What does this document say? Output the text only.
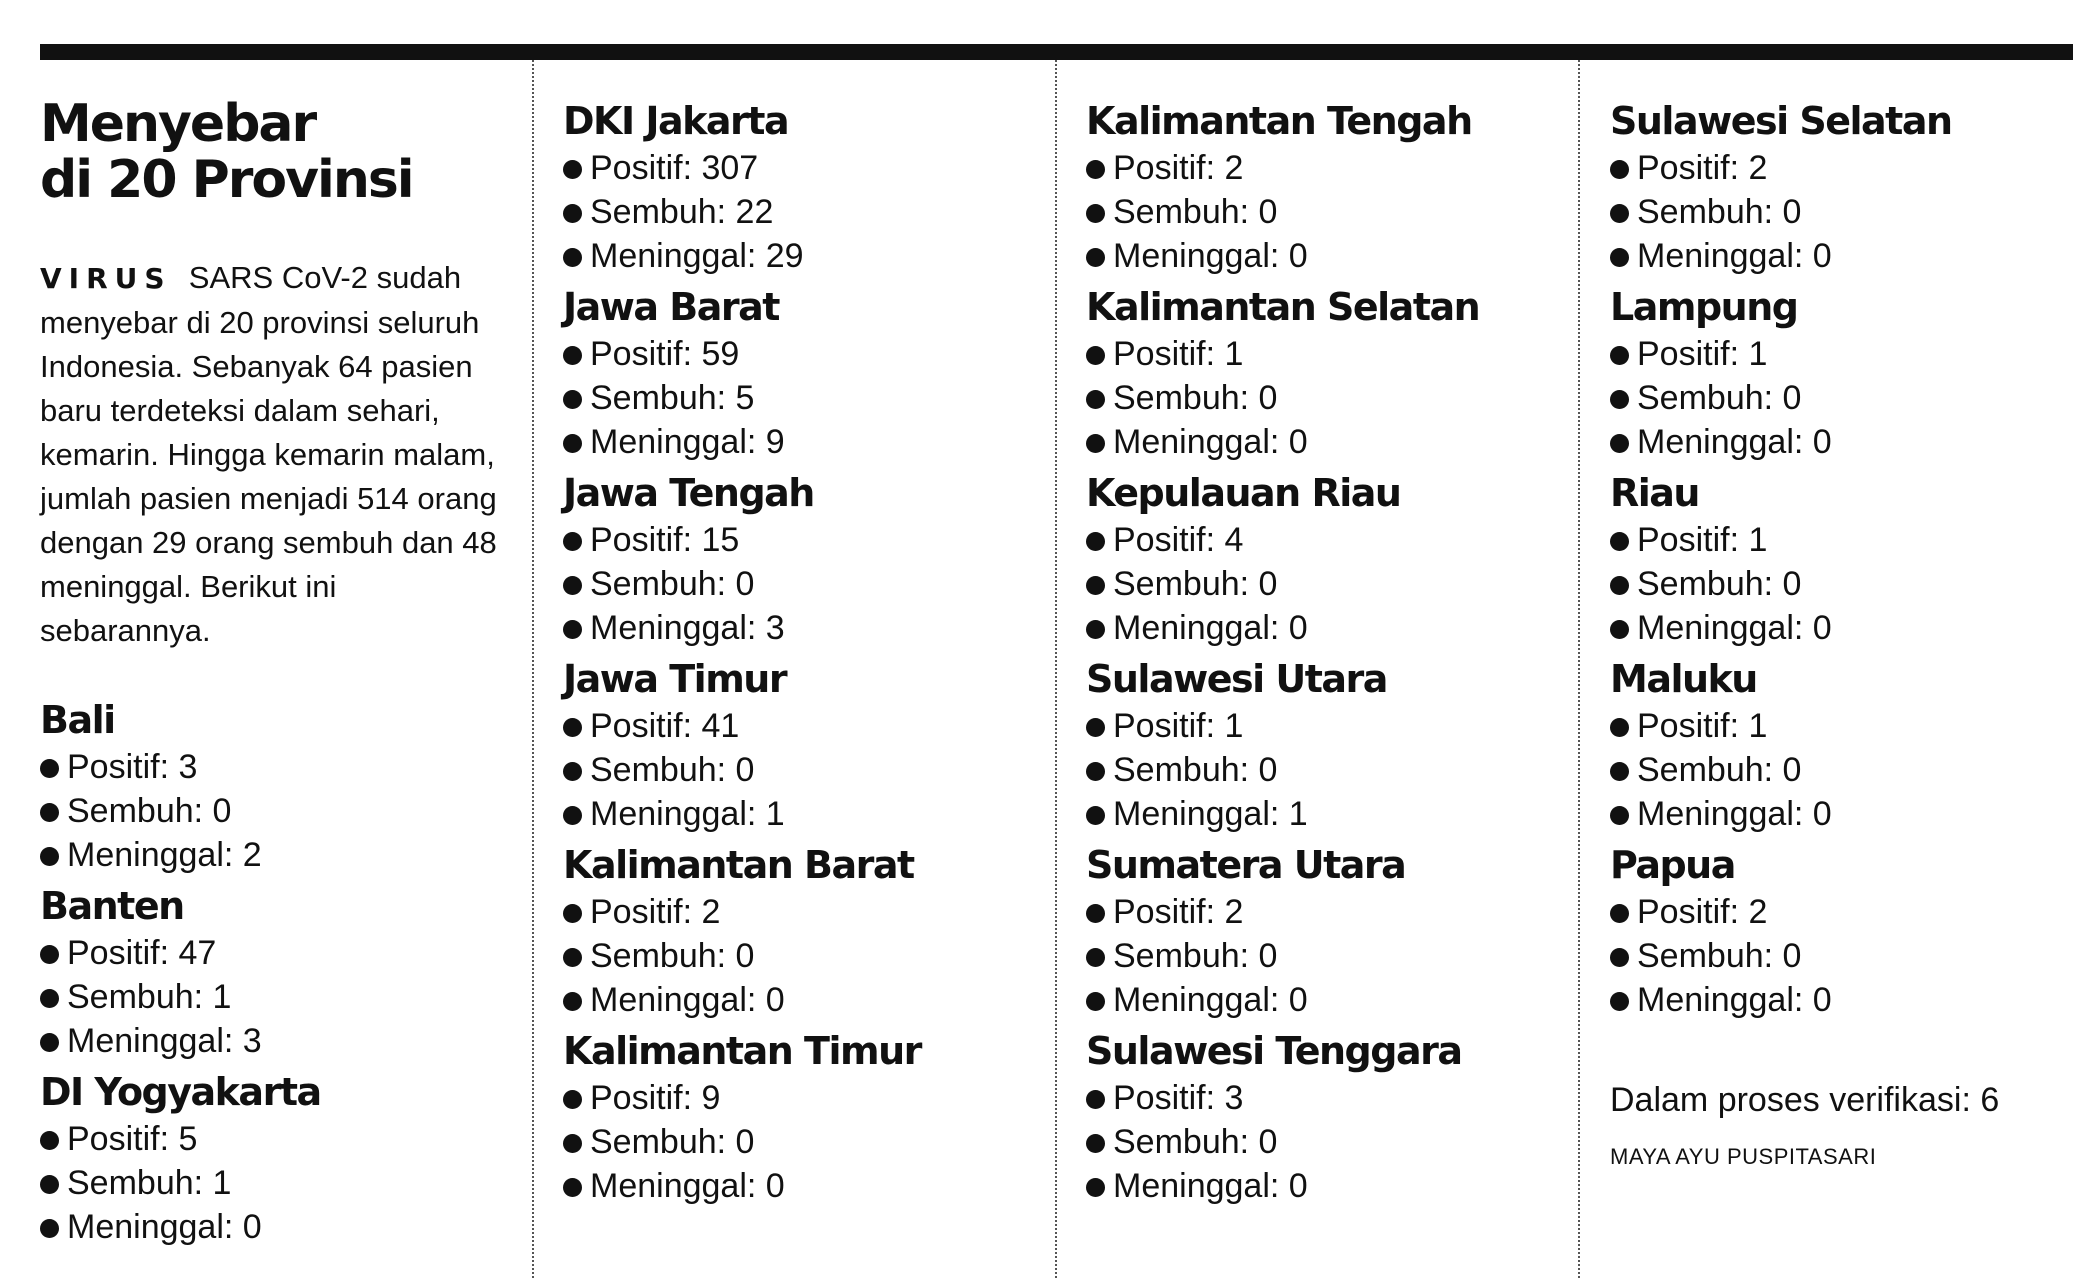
Menyebar
di 20 Provinsi

VIRUS SARS CoV-2 sudah menyebar di 20 provinsi seluruh Indonesia. Sebanyak 64 pasien baru terdeteksi dalam sehari, kemarin. Hingga kemarin malam, jumlah pasien menjadi 514 orang dengan 29 orang sembuh dan 48 meninggal. Berikut ini sebarannya.

Bali
Positif: 3
Sembuh: 0
Meninggal: 2
Banten
Positif: 47
Sembuh: 1
Meninggal: 3
DI Yogyakarta
Positif: 5
Sembuh: 1
Meninggal: 0
DKI Jakarta
Positif: 307
Sembuh: 22
Meninggal: 29
Jawa Barat
Positif: 59
Sembuh: 5
Meninggal: 9
Jawa Tengah
Positif: 15
Sembuh: 0
Meninggal: 3
Jawa Timur
Positif: 41
Sembuh: 0
Meninggal: 1
Kalimantan Barat
Positif: 2
Sembuh: 0
Meninggal: 0
Kalimantan Timur
Positif: 9
Sembuh: 0
Meninggal: 0
Kalimantan Tengah
Positif: 2
Sembuh: 0
Meninggal: 0
Kalimantan Selatan
Positif: 1
Sembuh: 0
Meninggal: 0
Kepulauan Riau
Positif: 4
Sembuh: 0
Meninggal: 0
Sulawesi Utara
Positif: 1
Sembuh: 0
Meninggal: 1
Sumatera Utara
Positif: 2
Sembuh: 0
Meninggal: 0
Sulawesi Tenggara
Positif: 3
Sembuh: 0
Meninggal: 0
Sulawesi Selatan
Positif: 2
Sembuh: 0
Meninggal: 0
Lampung
Positif: 1
Sembuh: 0
Meninggal: 0
Riau
Positif: 1
Sembuh: 0
Meninggal: 0
Maluku
Positif: 1
Sembuh: 0
Meninggal: 0
Papua
Positif: 2
Sembuh: 0
Meninggal: 0
Dalam proses verifikasi: 6
MAYA AYU PUSPITASARI
